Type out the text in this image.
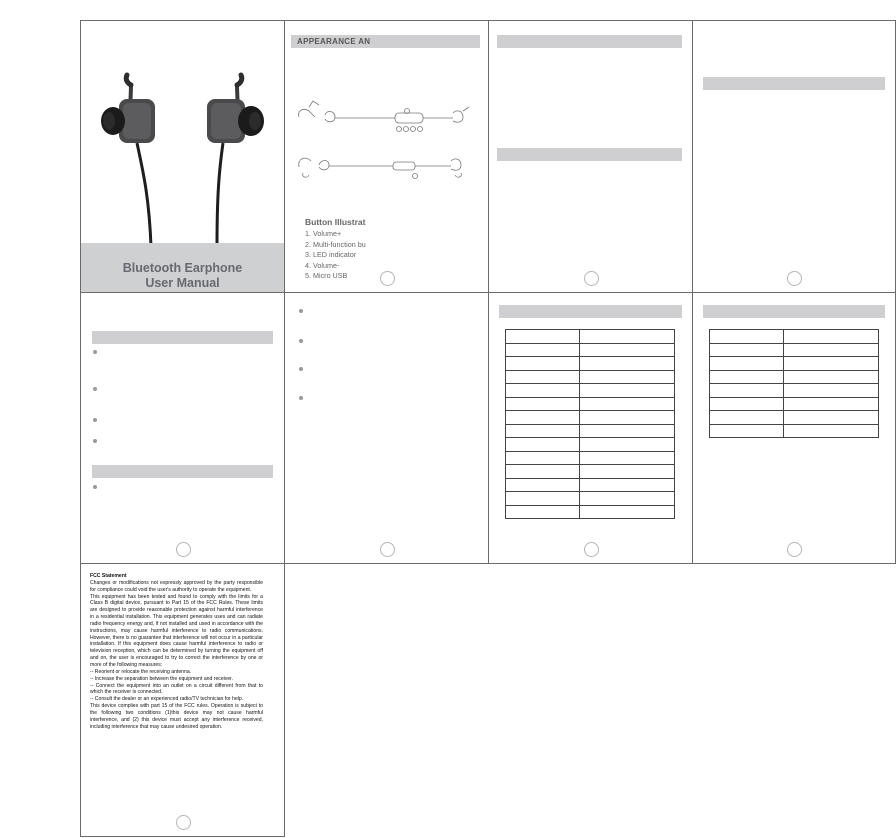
Bluetooth Earphone
User Manual
APPEARANCE AN
Button Illustrat
1. Volume+
2. Multi-function bu
3. LED indicator
4. Volume-
5. Micro USB

FCC Statement
Changes or modifications not expressly approved by the party responsible for compliance could void the user's authority to operate the equipment.
This equipment has been tested and found to comply with the limits for a Class B digital device, pursuant to Part 15 of the FCC Rules. These limits are designed to provide reasonable protection against harmful interference in a residential installation. This equipment generates uses and can radiate radio frequency energy and, if not installed and used in accordance with the instructions, may cause harmful interference to radio communications. However, there is no guarantee that interference will not occur in a particular installation. If this equipment does cause harmful interference to radio or television reception, which can be determined by turning the equipment off and on, the user is encouraged to try to correct the interference by one or more of the following measures:
-- Reorient or relocate the receiving antenna.
-- Increase the separation between the equipment and receiver.
-- Connect the equipment into an outlet on a circuit different from that to which the receiver is connected.
-- Consult the dealer or an experienced radio/TV technician for help.
This device complies with part 15 of the FCC rules. Operation is subject to the following two conditions (1)this device may not cause harmful interference, and (2) this device must accept any interference received, including interference that may cause undesired operation.
